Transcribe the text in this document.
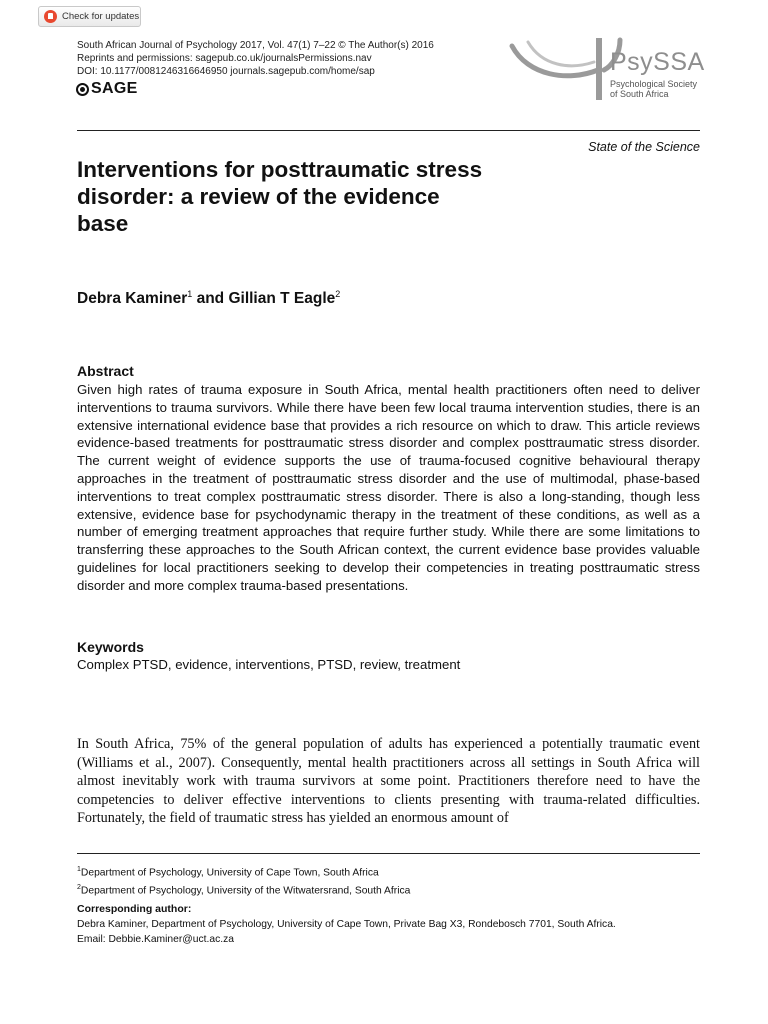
Check for updates
South African Journal of Psychology 2017, Vol. 47(1) 7–22 © The Author(s) 2016
Reprints and permissions: sagepub.co.uk/journalsPermissions.nav
DOI: 10.1177/0081246316646950 journals.sagepub.com/home/sap
SAGE
PsySSA
Psychological Society
of South Africa
State of the Science
Interventions for posttraumatic stress disorder: a review of the evidence base
Debra Kaminer$^1$ and Gillian T Eagle$^2$
Abstract
Given high rates of trauma exposure in South Africa, mental health practitioners often need to deliver interventions to trauma survivors. While there have been few local trauma intervention studies, there is an extensive international evidence base that provides a rich resource on which to draw. This article reviews evidence-based treatments for posttraumatic stress disorder and complex posttraumatic stress disorder. The current weight of evidence supports the use of trauma-focused cognitive behavioural therapy approaches in the treatment of posttraumatic stress disorder and the use of multimodal, phase-based interventions to treat complex posttraumatic stress disorder. There is also a long-standing, though less extensive, evidence base for psychodynamic therapy in the treatment of these conditions, as well as a number of emerging treatment approaches that require further study. While there are some limitations to transferring these approaches to the South African context, the current evidence base provides valuable guidelines for local practitioners seeking to develop their competencies in treating posttraumatic stress disorder and more complex trauma-based presentations.
Keywords
Complex PTSD, evidence, interventions, PTSD, review, treatment
In South Africa, 75% of the general population of adults has experienced a potentially traumatic event (Williams et al., 2007). Consequently, mental health practitioners across all settings in South Africa will almost inevitably work with trauma survivors at some point. Practitioners therefore need to have the competencies to deliver effective interventions to clients presenting with trauma-related difficulties. Fortunately, the field of traumatic stress has yielded an enormous amount of
$^1$Department of Psychology, University of Cape Town, South Africa
$^2$Department of Psychology, University of the Witwatersrand, South Africa
Corresponding author:
Debra Kaminer, Department of Psychology, University of Cape Town, Private Bag X3, Rondebosch 7701, South Africa.
Email: Debbie.Kaminer@uct.ac.za
